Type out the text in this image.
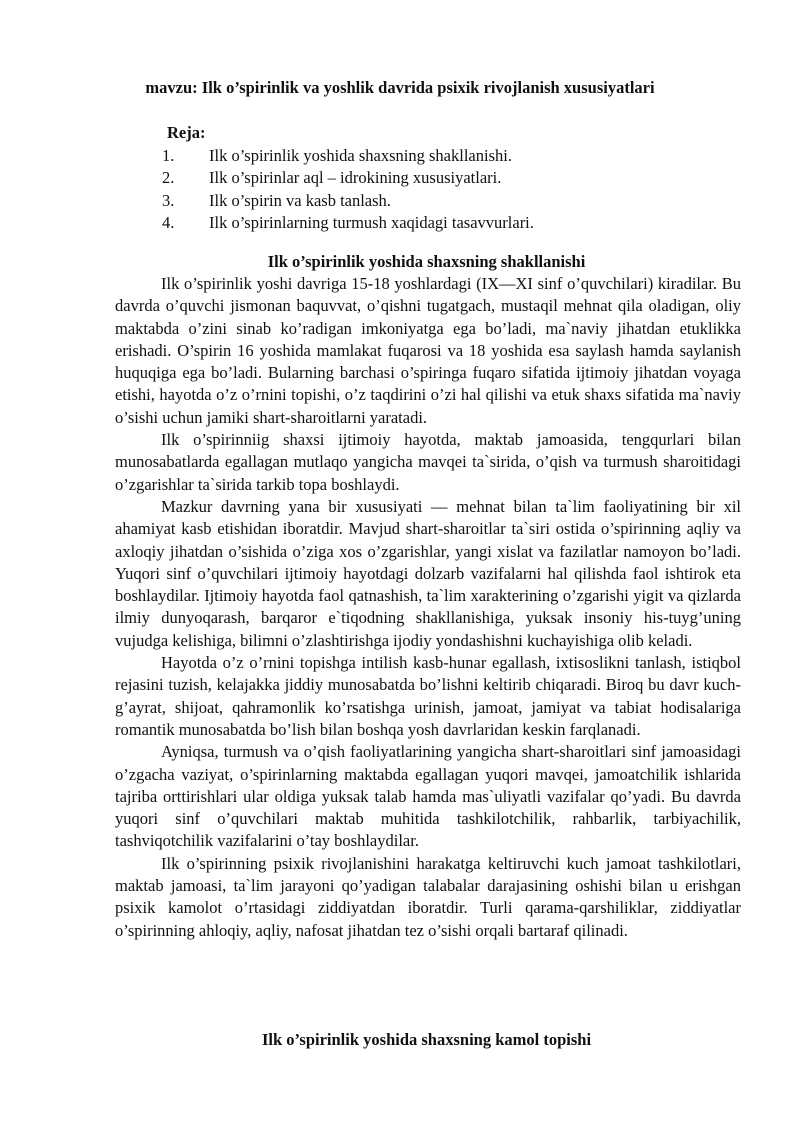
mavzu: Ilk o’spirinlik va yoshlik davrida psixik rivojlanish xususiyatlari
Reja:
1.	Ilk o’spirinlik yoshida shaxsning shakllanishi.
2.	Ilk o’spirinlar aql – idrokining xususiyatlari.
3.	Ilk o’spirin va kasb tanlash.
4.	Ilk o’spirinlarning turmush xaqidagi tasavvurlari.
Ilk o’spirinlik yoshida shaxsning shakllanishi

Ilk o’spirinlik yoshi davriga 15-18 yoshlardagi (IX—XI sinf o’quvchilari) kiradilar. Bu davrda o’quvchi jismonan baquvvat, o’qishni tugatgach, mustaqil mehnat qila oladigan, oliy maktabda o’zini sinab ko’radigan imkoniyatga ega bo’ladi, ma`naviy jihatdan etuklikka erishadi. O’spirin 16 yoshida mamlakat fuqarosi va 18 yoshida esa saylash hamda saylanish huquqiga ega bo’ladi. Bularning barchasi o’spiringa fuqaro sifatida ijtimoiy jihatdan voyaga etishi, hayotda o’z o’rnini topishi, o’z taqdirini o’zi hal qilishi va etuk shaxs sifatida ma`naviy o’sishi uchun jamiki shart-sharoitlarni yaratadi.

Ilk o’spirinniig shaxsi ijtimoiy hayotda, maktab jamoasida, tengqurlari bilan munosabatlarda egallagan mutlaqo yangicha mavqei ta`sirida, o’qish va turmush sharoitidagi o’zgarishlar ta`sirida tarkib topa boshlaydi.

Mazkur davrning yana bir xususiyati — mehnat bilan ta`lim faoliyatining bir xil ahamiyat kasb etishidan iboratdir. Mavjud shart-sharoitlar ta`siri ostida o’spirinning aqliy va axloqiy jihatdan o’sishida o’ziga xos o’zgarishlar, yangi xislat va fazilatlar namoyon bo’ladi. Yuqori sinf o’quvchilari ijtimoiy hayotdagi dolzarb vazifalarni hal qilishda faol ishtirok eta boshlaydilar. Ijtimoiy hayotda faol qatnashish, ta`lim xarakterining o’zgarishi yigit va qizlarda ilmiy dunyoqarash, barqaror e`tiqodning shakllanishiga, yuksak insoniy his-tuyg’uning vujudga kelishiga, bilimni o’zlashtirishga ijodiy yondashishni kuchayishiga olib keladi.

Hayotda o’z o’rnini topishga intilish kasb-hunar egallash, ixtisoslikni tanlash, istiqbol rejasini tuzish, kelajakka jiddiy munosabatda bo’lishni keltirib chiqaradi. Biroq bu davr kuch-g’ayrat, shijoat, qahramonlik ko’rsatishga urinish, jamoat, jamiyat va tabiat hodisalariga romantik munosabatda bo’lish bilan boshqa yosh davrlaridan keskin farqlanadi.

Ayniqsa, turmush va o’qish faoliyatlarining yangicha shart-sharoitlari sinf jamoasidagi o’zgacha vaziyat, o’spirinlarning maktabda egallagan yuqori mavqei, jamoatchilik ishlarida tajriba orttirishlari ular oldiga yuksak talab hamda mas`uliyatli vazifalar qo’yadi. Bu davrda yuqori sinf o’quvchilari maktab muhitida tashkilotchilik, rahbarlik, tarbiyachilik, tashviqotchilik vazifalarini o’tay boshlaydilar.

Ilk o’spirinning psixik rivojlanishini harakatga keltiruvchi kuch jamoat tashkilotlari, maktab jamoasi, ta`lim jarayoni qo’yadigan talabalar darajasining oshishi bilan u erishgan psixik kamolot o’rtasidagi ziddiyatdan iboratdir. Turli qarama-qarshiliklar, ziddiyatlar o’spirinning ahloqiy, aqliy, nafosat jihatdan tez o’sishi orqali bartaraf qilinadi.

Ilk o’spirinlik yoshida shaxsning kamol topishi
